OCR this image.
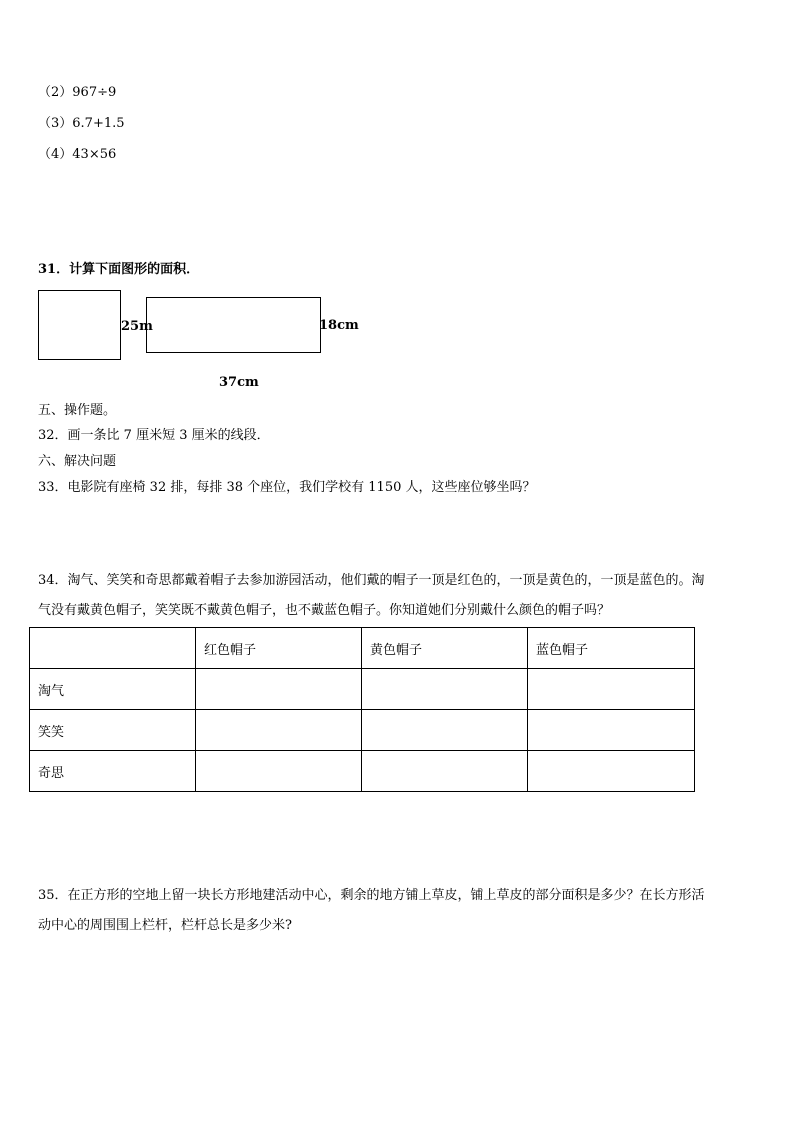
（2）967÷9
（3）6.7+1.5
（4）43×56
31．计算下面图形的面积．
25m	18cm
37cm
五、操作题。
32．画一条比 7 厘米短 3 厘米的线段．
六、解决问题
33．电影院有座椅 32 排，每排 38 个座位，我们学校有 1150 人，这些座位够坐吗？
34．淘气、笑笑和奇思都戴着帽子去参加游园活动，他们戴的帽子一顶是红色的，一顶是黄色的，一顶是蓝色的。淘
气没有戴黄色帽子，笑笑既不戴黄色帽子，也不戴蓝色帽子。你知道她们分别戴什么颜色的帽子吗？
	红色帽子	黄色帽子	蓝色帽子
淘气			
笑笑			
奇思			
35．在正方形的空地上留一块长方形地建活动中心，剩余的地方铺上草皮，铺上草皮的部分面积是多少？在长方形活
动中心的周围围上栏杆，栏杆总长是多少米?
